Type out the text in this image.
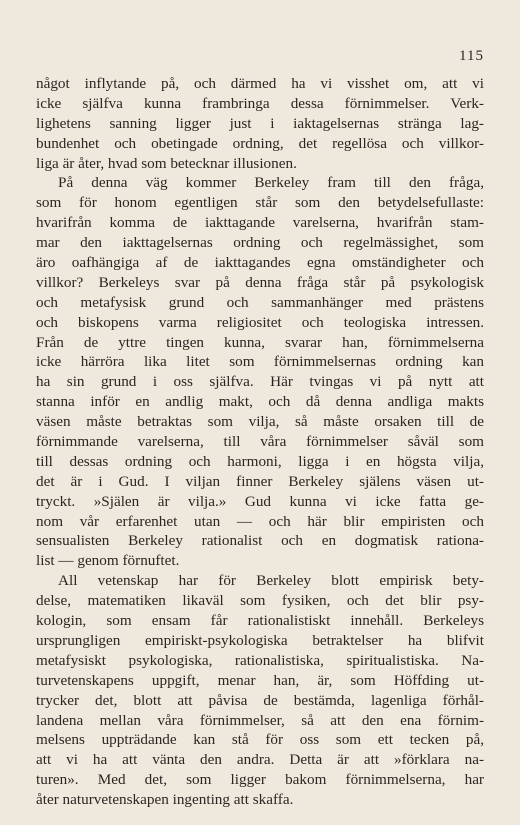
115
något inflytande på, och därmed ha vi visshet om, att vi
icke själfva kunna frambringa dessa förnimmelser. Verk-
lighetens sanning ligger just i iaktagelsernas stränga lag-
bundenhet och obetingade ordning, det regellösa och villkor-
liga är åter, hvad som betecknar illusionen.
På denna väg kommer Berkeley fram till den fråga,
som för honom egentligen står som den betydelsefullaste:
hvarifrån komma de iakttagande varelserna, hvarifrån stam-
mar den iakttagelsernas ordning och regelmässighet, som
äro oafhängiga af de iakttagandes egna omständigheter och
villkor? Berkeleys svar på denna fråga står på psykologisk
och metafysisk grund och sammanhänger med prästens
och biskopens varma religiositet och teologiska intressen.
Från de yttre tingen kunna, svarar han, förnimmelserna
icke härröra lika litet som förnimmelsernas ordning kan
ha sin grund i oss själfva. Här tvingas vi på nytt att
stanna inför en andlig makt, och då denna andliga makts
väsen måste betraktas som vilja, så måste orsaken till de
förnimmande varelserna, till våra förnimmelser såväl som
till dessas ordning och harmoni, ligga i en högsta vilja,
det är i Gud. I viljan finner Berkeley själens väsen ut-
tryckt. »Själen är vilja.» Gud kunna vi icke fatta ge-
nom vår erfarenhet utan — och här blir empiristen och
sensualisten Berkeley rationalist och en dogmatisk rationa-
list — genom förnuftet.
All vetenskap har för Berkeley blott empirisk bety-
delse, matematiken likaväl som fysiken, och det blir psy-
kologin, som ensam får rationalistiskt innehåll. Berkeleys
ursprungligen empiriskt-psykologiska betraktelser ha blifvit
metafysiskt psykologiska, rationalistiska, spiritualistiska. Na-
turvetenskapens uppgift, menar han, är, som Höffding ut-
trycker det, blott att påvisa de bestämda, lagenliga förhål-
landena mellan våra förnimmelser, så att den ena förnim-
melsens uppträdande kan stå för oss som ett tecken på,
att vi ha att vänta den andra. Detta är att »förklara na-
turen». Med det, som ligger bakom förnimmelserna, har
åter naturvetenskapen ingenting att skaffa.
